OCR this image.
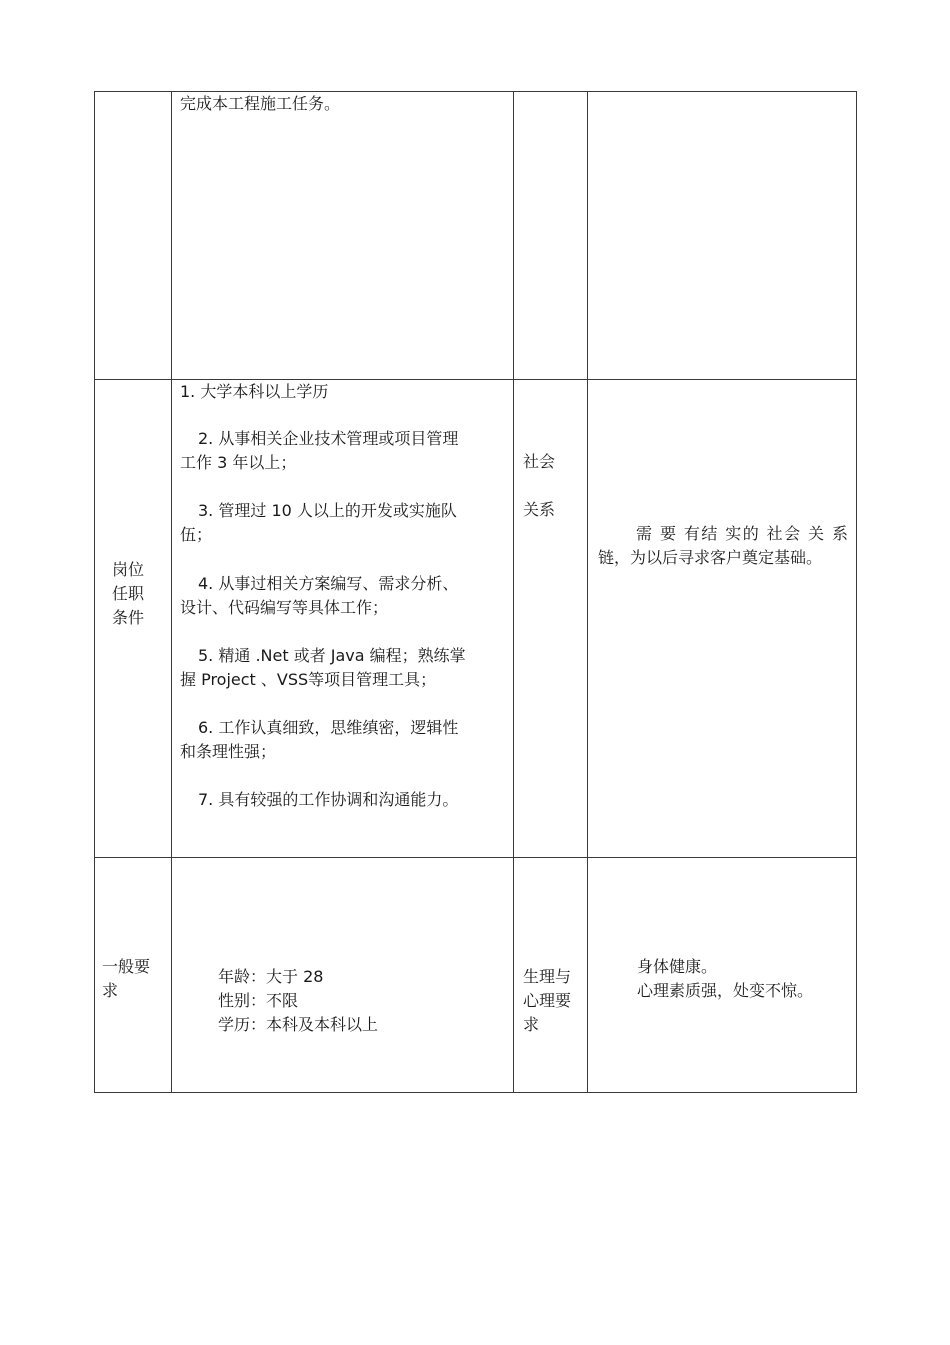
完成本工程施工任务。
岗位
任职
条件
1. 大学本科以上学历
2. 从事相关企业技术管理或项目管理
工作 3 年以上；
3. 管理过 10 人以上的开发或实施队
伍；
4. 从事过相关方案编写、需求分析、
设计、代码编写等具体工作；
5. 精通 .Net 或者 Java 编程；熟练掌
握 Project 、VSS等项目管理工具；
6. 工作认真细致，思维缜密，逻辑性
和条理性强；
7. 具有较强的工作协调和沟通能力。
社会
关系
需 要 有结 实的 社会 关 系
链，为以后寻求客户奠定基础。
一般要
求
年龄：大于 28
性别：不限
学历：本科及本科以上
生理与
心理要
求
身体健康。
心理素质强，处变不惊。
